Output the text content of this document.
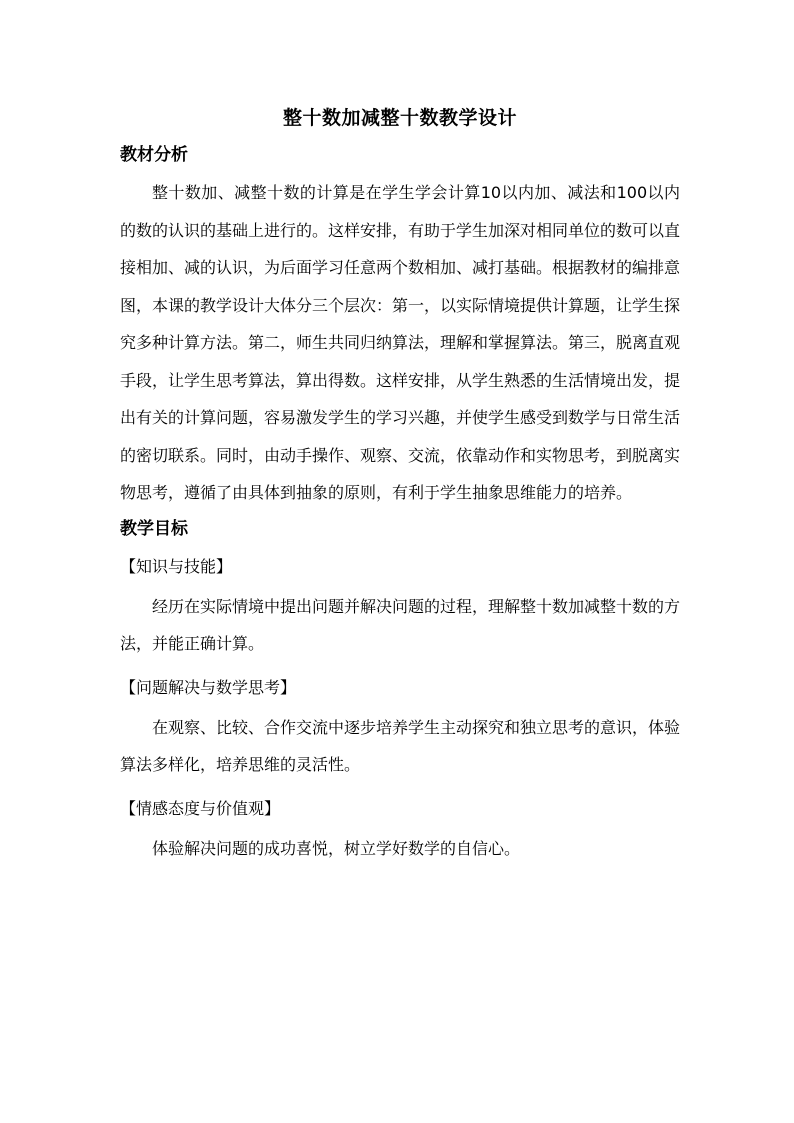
整十数加减整十数教学设计
教材分析

整十数加、减整十数的计算是在学生学会计算10以内加、减法和100以内的数的认识的基础上进行的。这样安排，有助于学生加深对相同单位的数可以直接相加、减的认识，为后面学习任意两个数相加、减打基础。根据教材的编排意图，本课的教学设计大体分三个层次：第一，以实际情境提供计算题，让学生探究多种计算方法。第二，师生共同归纳算法，理解和掌握算法。第三，脱离直观手段，让学生思考算法，算出得数。这样安排，从学生熟悉的生活情境出发，提出有关的计算问题，容易激发学生的学习兴趣，并使学生感受到数学与日常生活的密切联系。同时，由动手操作、观察、交流，依靠动作和实物思考，到脱离实物思考，遵循了由具体到抽象的原则，有利于学生抽象思维能力的培养。

教学目标
【知识与技能】

经历在实际情境中提出问题并解决问题的过程，理解整十数加减整十数的方法，并能正确计算。

【问题解决与数学思考】

在观察、比较、合作交流中逐步培养学生主动探究和独立思考的意识，体验算法多样化，培养思维的灵活性。

【情感态度与价值观】

体验解决问题的成功喜悦，树立学好数学的自信心。
